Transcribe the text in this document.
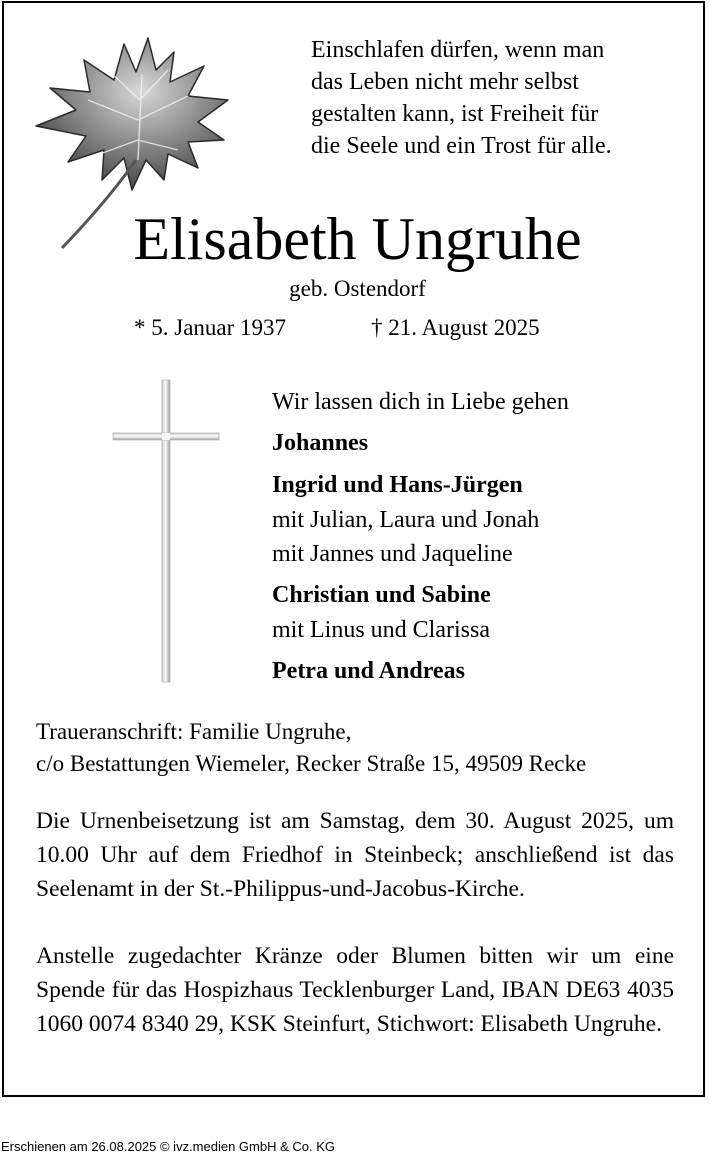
Einschlafen dürfen, wenn man
das Leben nicht mehr selbst
gestalten kann, ist Freiheit für
die Seele und ein Trost für alle.
Elisabeth Ungruhe
geb. Ostendorf
* 5. Januar 1937	† 21. August 2025
Wir lassen dich in Liebe gehen
Johannes
Ingrid und Hans-Jürgen
mit Julian, Laura und Jonah
mit Jannes und Jaqueline
Christian und Sabine
mit Linus und Clarissa
Petra und Andreas
Traueranschrift: Familie Ungruhe,
c/o Bestattungen Wiemeler, Recker Straße 15, 49509 Recke
Die Urnenbeisetzung ist am Samstag, dem 30. August 2025, um 10.00 Uhr auf dem Friedhof in Steinbeck; anschließend ist das Seelenamt in der St.-Philippus-und-Jacobus-Kirche.
Anstelle zugedachter Kränze oder Blumen bitten wir um eine Spende für das Hospizhaus Tecklenburger Land, IBAN DE63 4035 1060 0074 8340 29, KSK Steinfurt, Stichwort: Elisabeth Ungruhe.
Erschienen am 26.08.2025 © ivz.medien GmbH & Co. KG
